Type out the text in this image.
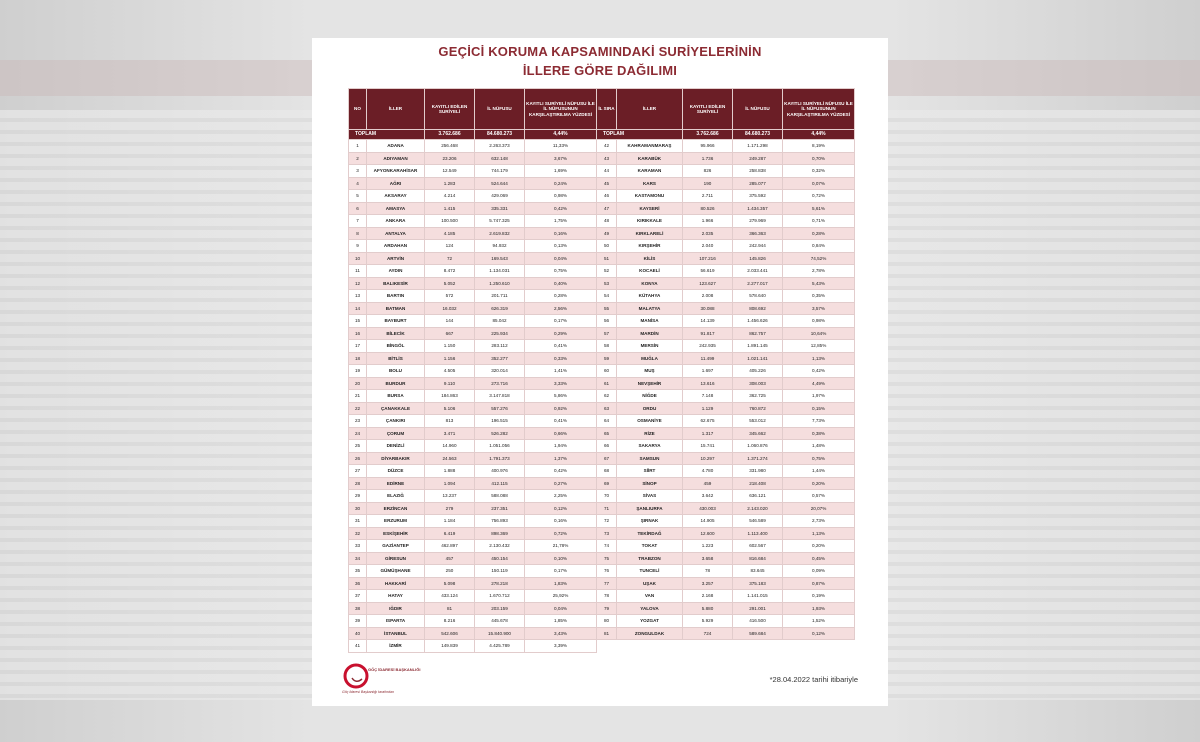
GEÇİCİ KORUMA KAPSAMINDAKİ SURİYELERİNİN
İLLERE GÖRE DAĞILIMI
NO	İLLER	KAYITLI EDİLEN SURİYELİ	İL NÜFUSU	KAYITLI SURİYELİ NÜFUSU İLE İL NÜFUSUNUN KARŞILAŞTIRILMA YÜZDESİ
TOPLAM		3.762.686	84.680.273	4,44%
1	ADANA	256.468	2.263.373	11,33%
2	ADIYAMAN	23.206	632.148	3,67%
3	AFYONKARAHİSAR	12.549	744.179	1,69%
4	AĞRI	1.283	524.644	0,24%
5	AKSARAY	4.214	429.069	0,98%
6	AMASYA	1.415	335.331	0,42%
7	ANKARA	100.500	5.747.325	1,75%
8	ANTALYA	4.185	2.619.832	0,16%
9	ARDAHAN	124	94.932	0,13%
10	ARTVİN	72	169.543	0,04%
11	AYDIN	8.472	1.134.031	0,75%
12	BALIKESİR	5.052	1.250.610	0,40%
13	BARTIN	572	201.711	0,28%
14	BATMAN	16.032	626.319	2,56%
15	BAYBURT	144	85.042	0,17%
16	BİLECİK	667	225.934	0,29%
17	BİNGÖL	1.150	283.112	0,41%
18	BİTLİS	1.156	352.277	0,33%
19	BOLU	4.505	320.014	1,41%
20	BURDUR	9.110	273.716	3,33%
21	BURSA	184.863	3.147.818	5,86%
22	ÇANAKKALE	5.106	557.276	0,92%
23	ÇANKIRI	813	196.515	0,41%
24	ÇORUM	3.471	526.282	0,66%
25	DENİZLİ	14.960	1.051.056	1,94%
26	DİYARBAKIR	24.563	1.791.373	1,37%
27	DÜZCE	1.888	400.976	0,42%
28	EDİRNE	1.094	412.115	0,27%
29	ELAZIĞ	13.237	588.088	2,25%
30	ERZİNCAN	279	237.351	0,12%
31	ERZURUM	1.184	756.893	0,16%
32	ESKİŞEHİR	6.419	898.369	0,72%
33	GAZİANTEP	462.897	2.130.432	21,78%
34	GİRESUN	457	450.154	0,10%
35	GÜMÜŞHANE	250	150.119	0,17%
36	HAKKARİ	5.098	278.218	1,83%
37	HATAY	433.124	1.670.712	25,92%
38	IĞDIR	81	203.159	0,04%
39	ISPARTA	8.216	445.678	1,85%
40	İSTANBUL	542.606	15.840.900	3,43%
41	İZMİR	149.839	4.425.789	3,39%
İL SIRA	İLLER	KAYITLI EDİLEN SURİYELİ	İL NÜFUSU	KAYITLI SURİYELİ NÜFUSU İLE İL NÜFUSUNUN KARŞILAŞTIRILMA YÜZDESİ
TOPLAM		3.762.686	84.680.273	4,44%
42	KAHRAMANMARAŞ	95.966	1.171.298	8,19%
43	KARABÜK	1.736	249.287	0,70%
44	KARAMAN	826	258.838	0,32%
45	KARS	190	285.077	0,07%
46	KASTAMONU	2.711	375.592	0,72%
47	KAYSERİ	80.526	1.434.357	5,61%
48	KIRIKKALE	1.966	279.969	0,71%
49	KIRKLARELİ	2.035	366.363	0,28%
50	KIRŞEHİR	2.040	242.944	0,84%
51	KİLİS	107.216	145.826	74,52%
52	KOCAELİ	56.619	2.033.441	2,78%
53	KONYA	123.627	2.277.017	5,43%
54	KÜTAHYA	2.008	578.640	0,35%
55	MALATYA	30.088	808.692	3,57%
56	MANİSA	14.139	1.456.626	0,98%
57	MARDİN	91.817	862.757	10,64%
58	MERSİN	242.935	1.891.145	12,85%
59	MUĞLA	11.499	1.021.141	1,13%
60	MUŞ	1.697	405.226	0,42%
61	NEVŞEHİR	13.616	308.003	4,49%
62	NİĞDE	7.148	362.725	1,97%
63	ORDU	1.129	760.872	0,15%
64	OSMANİYE	62.675	553.012	7,73%
65	RİZE	1.317	345.662	0,38%
66	SAKARYA	15.741	1.060.876	1,48%
67	SAMSUN	10.297	1.371.274	0,75%
68	SİİRT	4.780	331.980	1,44%
69	SİNOP	459	218.408	0,20%
70	SİVAS	3.642	636.121	0,57%
71	ŞANLIURFA	430.003	2.143.020	20,07%
72	ŞIRNAK	14.905	546.589	2,73%
73	TEKİRDAĞ	12.600	1.113.400	1,13%
74	TOKAT	1.223	602.567	0,20%
75	TRABZON	3.658	816.684	0,45%
76	TUNCELİ	78	83.645	0,09%
77	UŞAK	3.257	375.183	0,87%
78	VAN	2.168	1.141.015	0,19%
79	YALOVA	5.880	291.001	1,93%
80	YOZGAT	5.929	416.500	1,52%
81	ZONGULDAK	724	589.684	0,12%
GÖÇ İDARESİ BAŞKANLIĞI
Göç İdaresi Başkanlığı tarafından
*28.04.2022 tarihi itibariyle
